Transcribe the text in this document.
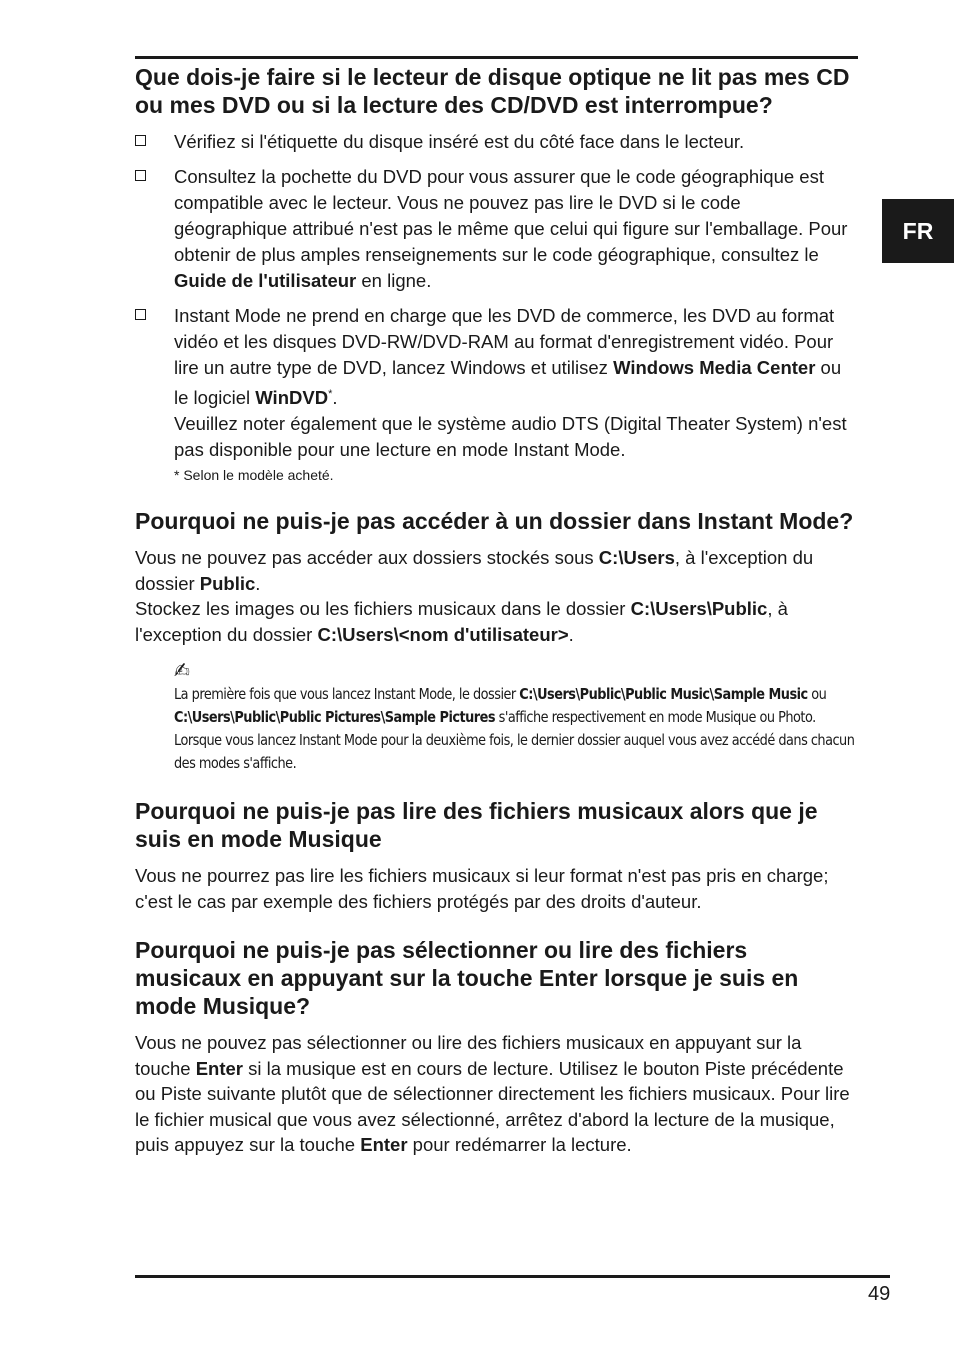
FR
Que dois-je faire si le lecteur de disque optique ne lit pas mes CD ou mes DVD ou si la lecture des CD/DVD est interrompue?
Vérifiez si l'étiquette du disque inséré est du côté face dans le lecteur.
Consultez la pochette du DVD pour vous assurer que le code géographique est compatible avec le lecteur. Vous ne pouvez pas lire le DVD si le code géographique attribué n'est pas le même que celui qui figure sur l'emballage. Pour obtenir de plus amples renseignements sur le code géographique, consultez le Guide de l'utilisateur en ligne.
Instant Mode ne prend en charge que les DVD de commerce, les DVD au format vidéo et les disques DVD-RW/DVD-RAM au format d'enregistrement vidéo. Pour lire un autre type de DVD, lancez Windows et utilisez Windows Media Center ou le logiciel WinDVD*.
Veuillez noter également que le système audio DTS (Digital Theater System) n'est pas disponible pour une lecture en mode Instant Mode.
* Selon le modèle acheté.
Pourquoi ne puis-je pas accéder à un dossier dans Instant Mode?

Vous ne pouvez pas accéder aux dossiers stockés sous C:\Users, à l'exception du dossier Public.

Stockez les images ou les fichiers musicaux dans le dossier C:\Users\Public, à l'exception du dossier C:\Users\<nom d'utilisateur>.

✍
La première fois que vous lancez Instant Mode, le dossier C:\Users\Public\Public Music\Sample Music ou C:\Users\Public\Public Pictures\Sample Pictures s'affiche respectivement en mode Musique ou Photo. Lorsque vous lancez Instant Mode pour la deuxième fois, le dernier dossier auquel vous avez accédé dans chacun des modes s'affiche.
Pourquoi ne puis-je pas lire des fichiers musicaux alors que je suis en mode Musique

Vous ne pourrez pas lire les fichiers musicaux si leur format n'est pas pris en charge; c'est le cas par exemple des fichiers protégés par des droits d'auteur.

Pourquoi ne puis-je pas sélectionner ou lire des fichiers musicaux en appuyant sur la touche Enter lorsque je suis en mode Musique?

Vous ne pouvez pas sélectionner ou lire des fichiers musicaux en appuyant sur la touche Enter si la musique est en cours de lecture. Utilisez le bouton Piste précédente ou Piste suivante plutôt que de sélectionner directement les fichiers musicaux. Pour lire le fichier musical que vous avez sélectionné, arrêtez d'abord la lecture de la musique, puis appuyez sur la touche Enter pour redémarrer la lecture.

49
